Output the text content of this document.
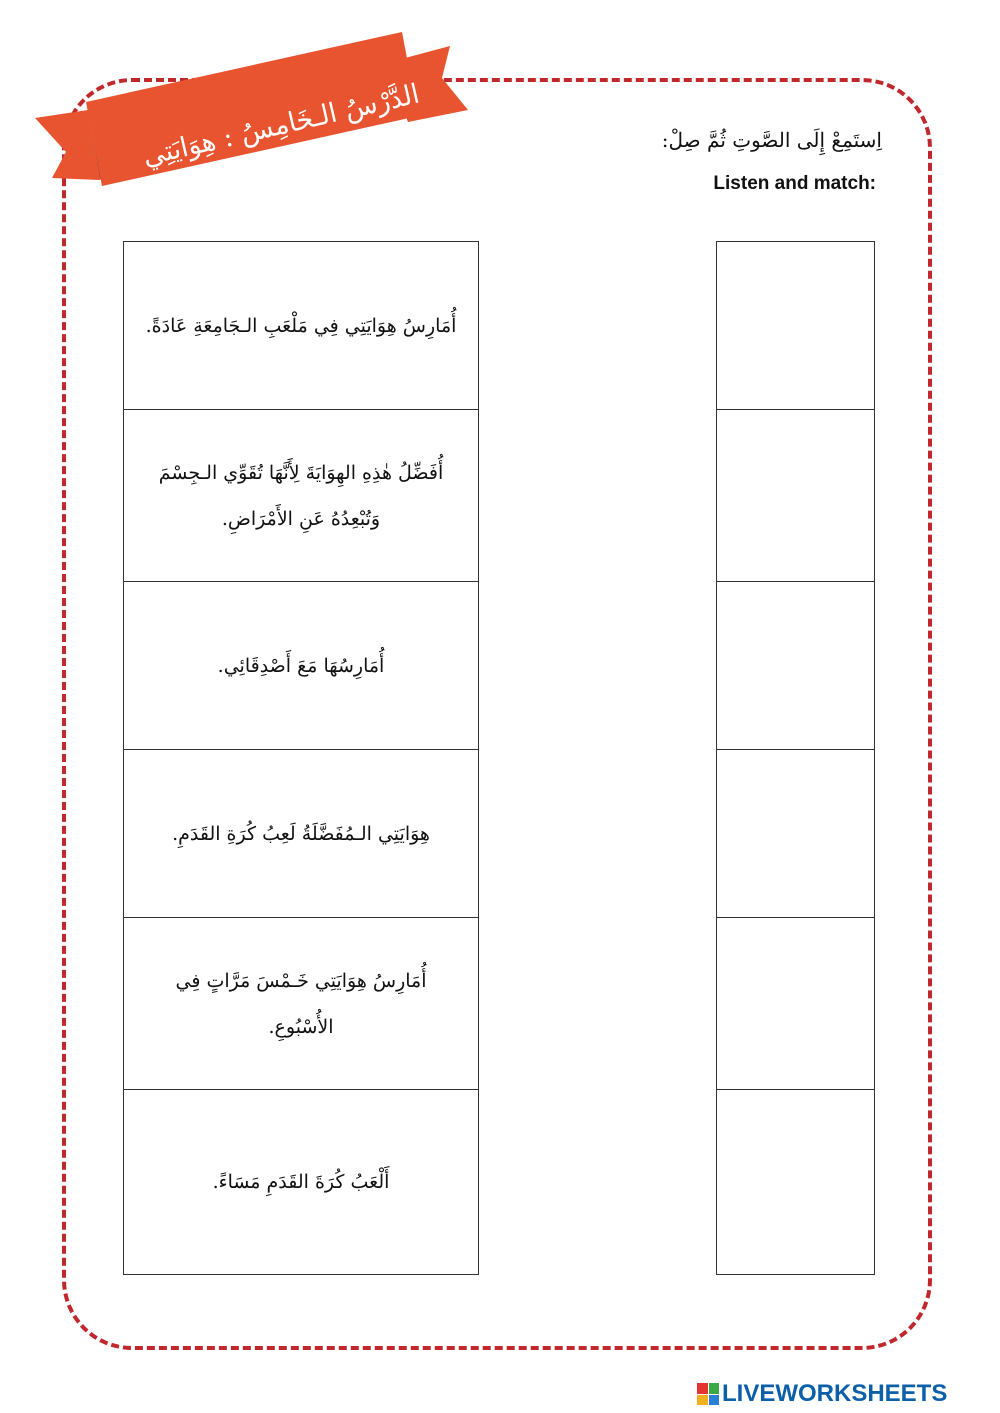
الدَّرْسُ الـخَامِسُ : هِوَايَتِي	اِستَمِعْ إِلَى الصَّوتِ ثُمَّ صِلْ:
Listen and match:
أُمَارِسُ هِوَايَتِي فِي مَلْعَبِ الـجَامِعَةِ عَادَةً.
أُفَضِّلُ هٰذِهِ الهِوَايَةَ لِأَنَّهَا تُقَوِّي الـجِسْمَ وَتُبْعِدُهُ عَنِ الأَمْرَاضِ.
أُمَارِسُهَا مَعَ أَصْدِقَائِي.
هِوَايَتِي الـمُفَضَّلَةُ لَعِبُ كُرَةِ القَدَمِ.
أُمَارِسُ هِوَايَتِي خَـمْسَ مَرَّاتٍ فِي الأُسْبُوعِ.
أَلْعَبُ كُرَةَ القَدَمِ مَسَاءً.
LIVEWORKSHEETS
